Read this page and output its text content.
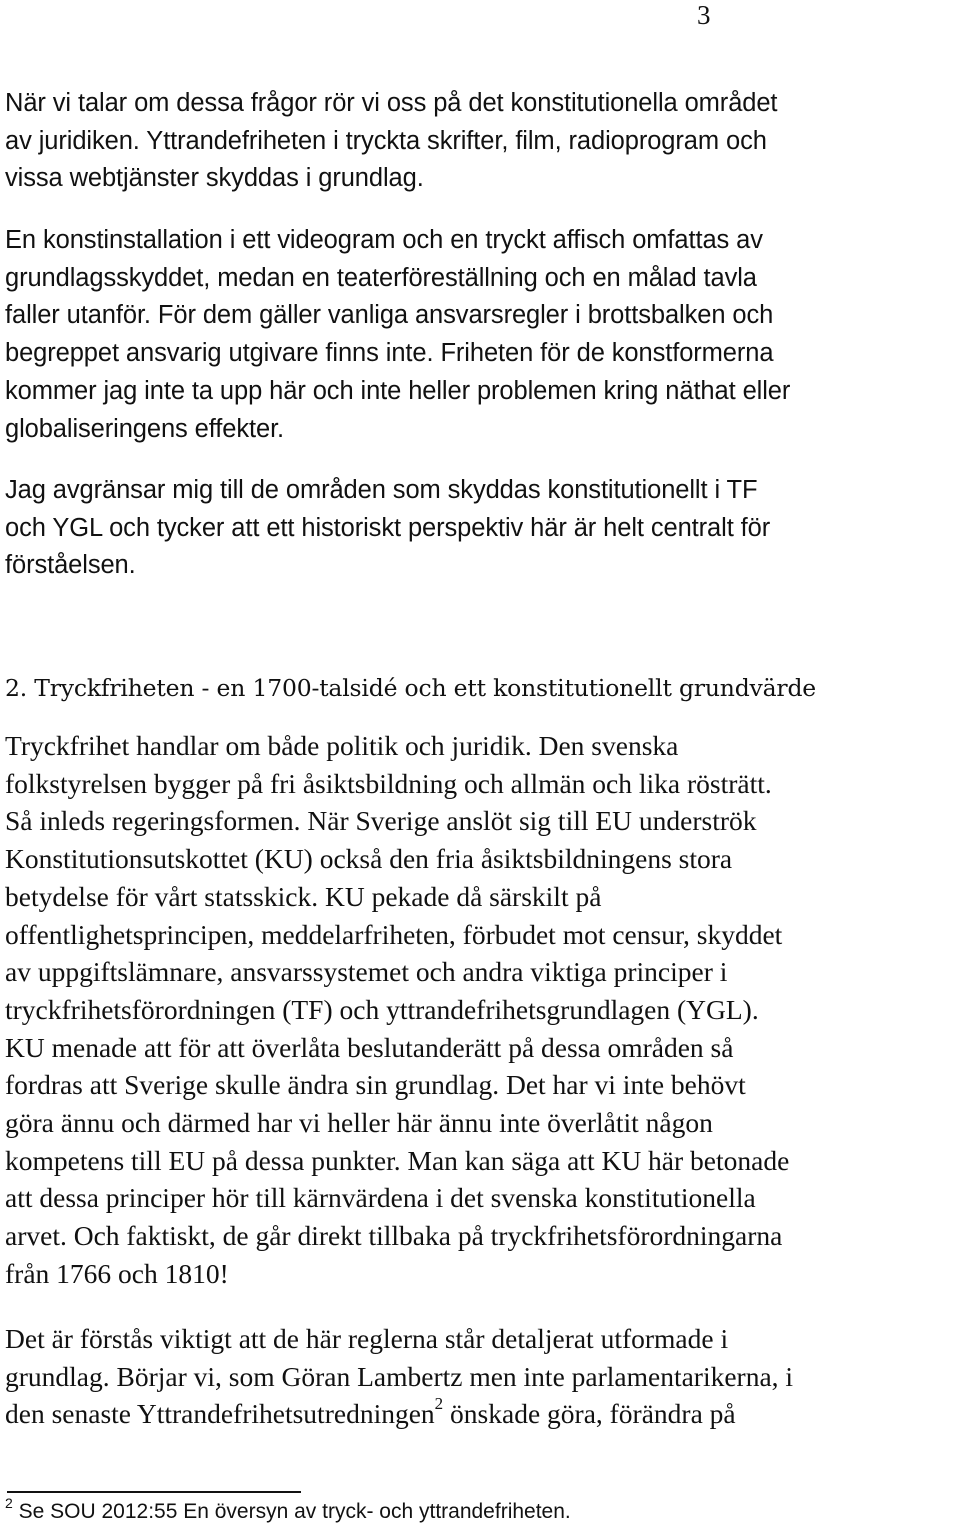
3

När vi talar om dessa frågor rör vi oss på det konstitutionella området
av juridiken. Yttrandefriheten i tryckta skrifter, film, radioprogram och
vissa webtjänster skyddas i grundlag.

En konstinstallation i ett videogram och en tryckt affisch omfattas av
grundlagsskyddet, medan en teaterföreställning och en målad tavla
faller utanför. För dem gäller vanliga ansvarsregler i brottsbalken och
begreppet ansvarig utgivare finns inte. Friheten för de konstformerna
kommer jag inte ta upp här och inte heller problemen kring näthat eller
globaliseringens effekter.

Jag avgränsar mig till de områden som skyddas konstitutionellt i TF
och YGL och tycker att ett historiskt perspektiv här är helt centralt för
förståelsen.

2. Tryckfriheten - en 1700-talsidé och ett konstitutionellt grundvärde

Tryckfrihet handlar om både politik och juridik. Den svenska
folkstyrelsen bygger på fri åsiktsbildning och allmän och lika rösträtt.
Så inleds regeringsformen. När Sverige anslöt sig till EU underströk
Konstitutionsutskottet (KU) också den fria åsiktsbildningens stora
betydelse för vårt statsskick. KU pekade då särskilt på
offentlighetsprincipen, meddelarfriheten, förbudet mot censur, skyddet
av uppgiftslämnare, ansvarssystemet och andra viktiga principer i
tryckfrihetsförordningen (TF) och yttrandefrihetsgrundlagen (YGL).
KU menade att för att överlåta beslutanderätt på dessa områden så
fordras att Sverige skulle ändra sin grundlag. Det har vi inte behövt
göra ännu och därmed har vi heller här ännu inte överlåtit någon
kompetens till EU på dessa punkter. Man kan säga att KU här betonade
att dessa principer hör till kärnvärdena i det svenska konstitutionella
arvet. Och faktiskt, de går direkt tillbaka på tryckfrihetsförordningarna
från 1766 och 1810!

Det är förstås viktigt att de här reglerna står detaljerat utformade i
grundlag. Börjar vi, som Göran Lambertz men inte parlamentarikerna, i
den senaste Yttrandefrihetsutredningen$^2$ önskade göra, förändra på

$^2$ Se SOU 2012:55 En översyn av tryck- och yttrandefriheten.
